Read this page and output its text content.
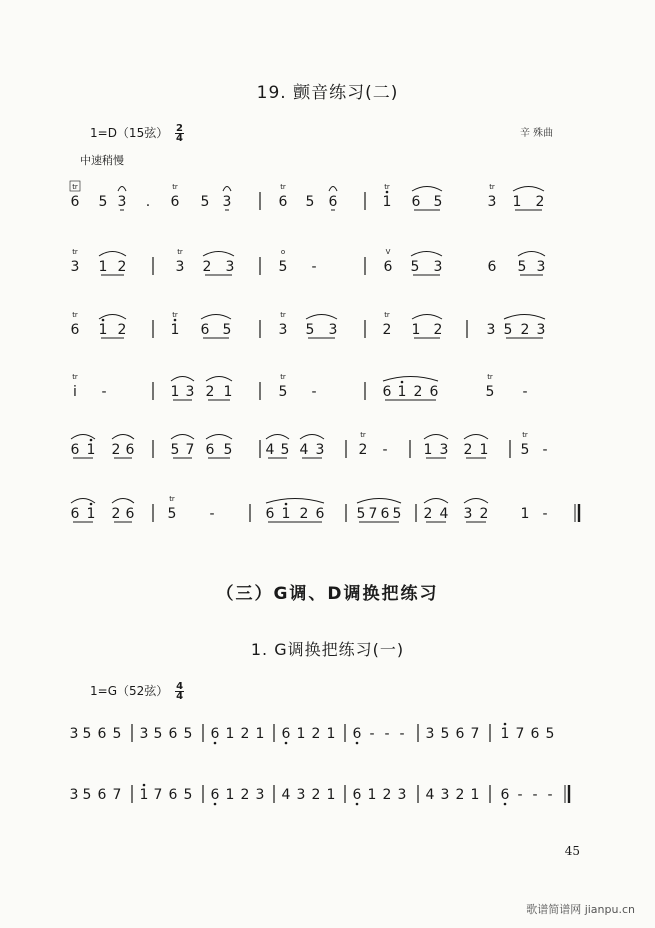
19. 颤音练习(二)
1=D（15弦） $\frac{2}{4}$	辛 殊曲
中速稍慢
6
tr
5 3 . 6
tr
5 3	6
tr
5 6	1
tr
6 5	3
tr
1 2
3
tr
1 2	3
tr
2 3	5
o
-	6
V
5 3	6 5 3
6
tr
1 2	1
tr
6 5	3
tr
5 3	2
tr
1 2	3 5 2 3
i
tr
-	1 3 2 1	5
tr
-	6 1 2 6	5
tr
-
6 1 2 6	5 7 6 5 4 5 4 3 2
tr
-	1 3 2 1 5
tr
-
6 1 2 6 5
tr
-	6 1 2 6 5 7 6 5 2 4 3 2 1 -
（三）G调、D调换把练习
1. G调换把练习(一)
1=G（52弦） $\frac{4}{4}$
3 5 6 5 3 5 6 5 6 1 2 1 6 1 2 1 6 - - - 3 5 6 7 1 7 6 5
3 5 6 7 1 7 6 5 6 1 2 3 4 3 2 1 6 1 2 3 4 3 2 1 6 - - -
45
歌谱简谱网 jianpu.cn
